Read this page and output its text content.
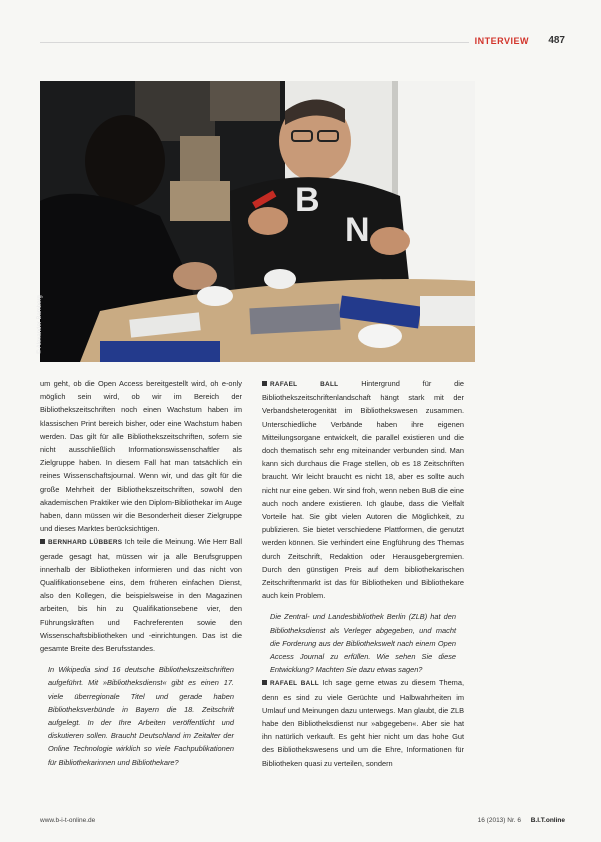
INTERVIEW 487
B
N
© Alexander Bamberg

um geht, ob die Open Access bereitgestellt wird, oh e-only möglich sein wird, ob wir im Bereich der Bibliothekszeitschriften noch einen Wachstum haben im klassischen Print bereich bisher, oder eine Wachstum haben werden. Das gilt für alle Bibliothekszeitschriften, sofern sie nicht ausschließlich Informationswissenschaftler als Zielgruppe haben. In diesem Fall hat man tatsächlich ein reines Wissenschaftsjournal. Wenn wir, und das gilt für die große Mehrheit der Bibliothekszeitschriften, sowohl den akademischen Praktiker wie den Diplom-Bibliothekar im Auge haben, dann müssen wir die Besonderheit dieser Zielgruppe und dieses Marktes berücksichtigen.

BERNHARD LÜBBERS Ich teile die Meinung. Wie Herr Ball gerade gesagt hat, müssen wir ja alle Berufsgruppen innerhalb der Bibliotheken informieren und das nicht von Qualifikationsebene eins, dem früheren einfachen Dienst, also den Kollegen, die beispielsweise in den Magazinen arbeiten, bis hin zu Qualifikationsebene vier, den Führungskräften und Fachreferenten sowie den Wissenschaftsbibliotheken und -einrichtungen. Das ist die gesamte Breite des Berufsstandes.

In Wikipedia sind 16 deutsche Bibliothekszeitschriften aufgeführt. Mit »Bibliotheksdienst« gibt es einen 17. viele überregionale Titel und gerade haben Bibliotheksverbünde in Bayern die 18. Zeitschrift aufgelegt. In der Ihre Arbeiten veröffentlicht und diskutieren sollen. Braucht Deutschland im Zeitalter der Online Technologie wirklich so viele Fachpublikationen für Bibliothekarinnen und Bibliothekare?

RAFAEL BALL	Hintergrund für die Bibliothekszeitschriftenlandschaft hängt stark mit der Verbandsheterogenität im Bibliothekswesen zusammen. Unterschiedliche Verbände haben ihre eigenen Mitteilungsorgane entwickelt, die parallel existieren und die doch thematisch sehr eng miteinander verbunden sind. Man kann sich durchaus die Frage stellen, ob es 18 Zeitschriften braucht. Wir leicht braucht es nicht 18, aber es sollte auch nicht nur eine geben. Wir sind froh, wenn neben BuB die eine auch noch andere existieren. Ich glaube, dass die Vielfalt Vorteile hat. Sie gibt vielen Autoren die Möglichkeit, zu publizieren. Sie bietet verschiedene Plattformen, die genutzt werden können. Sie verhindert eine Engführung des Themas durch Zeitschrift, Redaktion oder Herausgebergremien. Durch den günstigen Preis auf dem bibliothekarischen Zeitschriftenmarkt ist das für Bibliotheken und Bibliothekare auch kein Problem.

Die Zentral- und Landesbibliothek Berlin (ZLB) hat den Bibliotheksdienst als Verleger abgegeben, und macht die Forderung aus der Bibliothekswelt nach einem Open Access Journal zu erfüllen. Wie sehen Sie diese Entwicklung? Machten Sie dazu etwas sagen?

RAFAEL BALL Ich sage gerne etwas zu diesem Thema, denn es sind zu viele Gerüchte und Halbwahrheiten im Umlauf und Meinungen dazu unterwegs. Man glaubt, die ZLB habe den Bibliotheksdienst nur »abgegeben«. Aber sie hat ihn natürlich verkauft. Es geht hier nicht um das hohe Gut des Bibliothekswesens und um die Ehre, Informationen für Bibliotheken quasi zu verteilen, sondern

www.b-i-t-online.de	16 (2013) Nr. 6 B.I.T.online
